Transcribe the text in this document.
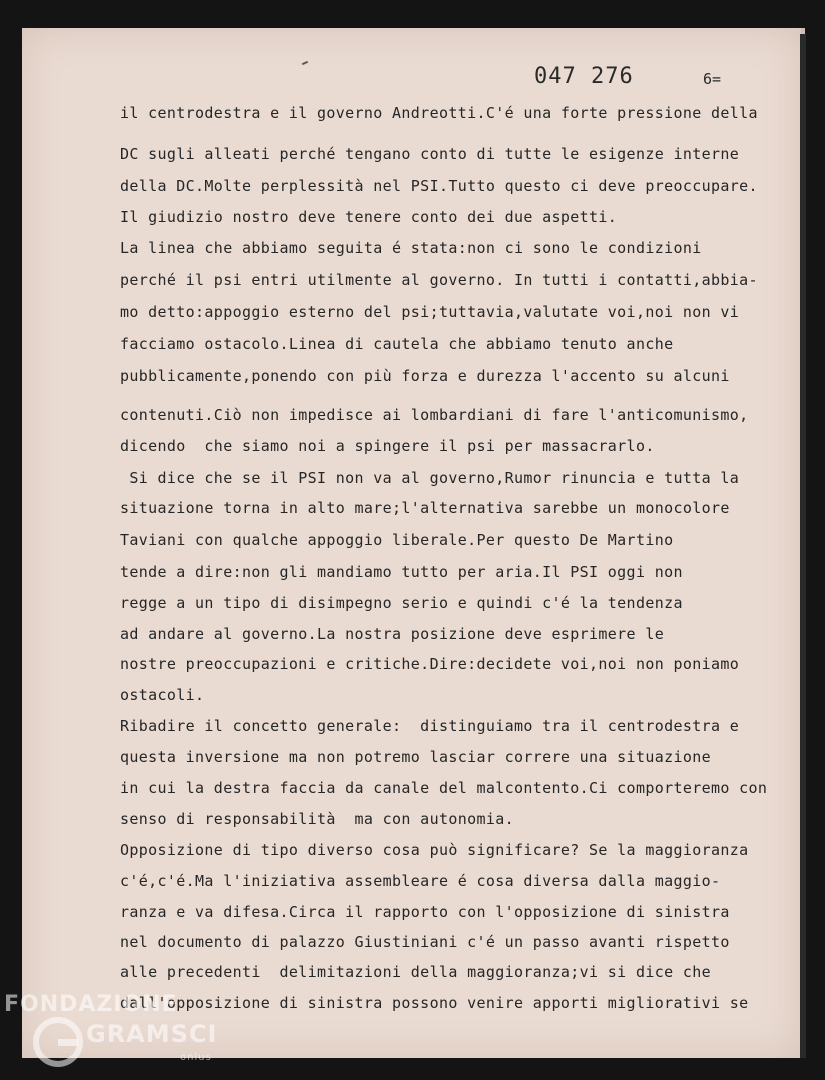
047 276	6=
il centrodestra e il governo Andreotti.C'é una forte pressione della
DC sugli alleati perché tengano conto di tutte le esigenze interne
della DC.Molte perplessità nel PSI.Tutto questo ci deve preoccupare.
Il giudizio nostro deve tenere conto dei due aspetti.
La linea che abbiamo seguita é stata:non ci sono le condizioni
perché il psi entri utilmente al governo. In tutti i contatti,abbia-
mo detto:appoggio esterno del psi;tuttavia,valutate voi,noi non vi
facciamo ostacolo.Linea di cautela che abbiamo tenuto anche
pubblicamente,ponendo con più forza e durezza l'accento su alcuni
contenuti.Ciò non impedisce ai lombardiani di fare l'anticomunismo,
dicendo  che siamo noi a spingere il psi per massacrarlo.
Si dice che se il PSI non va al governo,Rumor rinuncia e tutta la
situazione torna in alto mare;l'alternativa sarebbe un monocolore
Taviani con qualche appoggio liberale.Per questo De Martino
tende a dire:non gli mandiamo tutto per aria.Il PSI oggi non
regge a un tipo di disimpegno serio e quindi c'é la tendenza
ad andare al governo.La nostra posizione deve esprimere le
nostre preoccupazioni e critiche.Dire:decidete voi,noi non poniamo
ostacoli.
Ribadire il concetto generale:  distinguiamo tra il centrodestra e
questa inversione ma non potremo lasciar correre una situazione
in cui la destra faccia da canale del malcontento.Ci comporteremo con
senso di responsabilità  ma con autonomia.
Opposizione di tipo diverso cosa può significare? Se la maggioranza
c'é,c'é.Ma l'iniziativa assembleare é cosa diversa dalla maggio-
ranza e va difesa.Circa il rapporto con l'opposizione di sinistra
nel documento di palazzo Giustiniani c'é un passo avanti rispetto
alle precedenti  delimitazioni della maggioranza;vi si dice che
dall'opposizione di sinistra possono venire apporti migliorativi se
FONDAZIONE
GRAMSCI
onlus
